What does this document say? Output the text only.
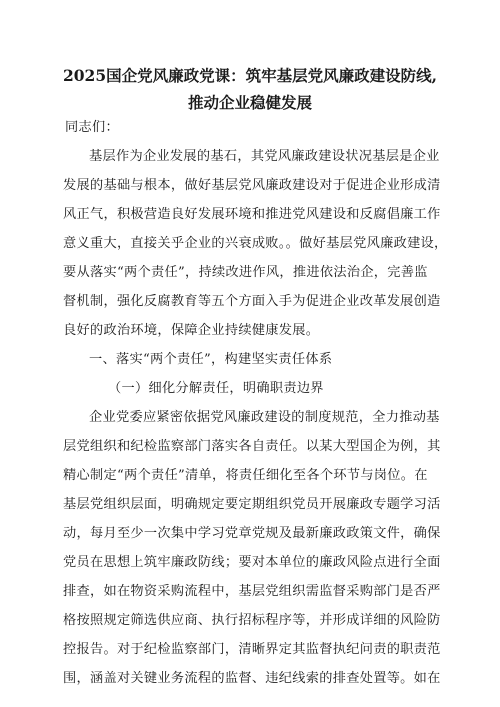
2025国企党风廉政党课：筑牢基层党风廉政建设防线,
推动企业稳健发展
同志们：
基层作为企业发展的基石，其党风廉政建设状况基层是企业
发展的基础与根本，做好基层党风廉政建设对于促进企业形成清
风正气，积极营造良好发展环境和推进党风建设和反腐倡廉工作
意义重大，直接关乎企业的兴衰成败。。做好基层党风廉政建设，
要从落实“两个责任”，持续改进作风，推进依法治企，完善监
督机制，强化反腐教育等五个方面入手为促进企业改革发展创造
良好的政治环境，保障企业持续健康发展。
一、落实“两个责任”，构建坚实责任体系
（一）细化分解责任，明确职责边界
企业党委应紧密依据党风廉政建设的制度规范，全力推动基
层党组织和纪检监察部门落实各自责任。以某大型国企为例，其
精心制定“两个责任”清单，将责任细化至各个环节与岗位。在
基层党组织层面，明确规定要定期组织党员开展廉政专题学习活
动，每月至少一次集中学习党章党规及最新廉政政策文件，确保
党员在思想上筑牢廉政防线；要对本单位的廉政风险点进行全面
排查，如在物资采购流程中，基层党组织需监督采购部门是否严
格按照规定筛选供应商、执行招标程序等，并形成详细的风险防
控报告。对于纪检监察部门，清晰界定其监督执纪问责的职责范
围，涵盖对关键业务流程的监督、违纪线索的排查处置等。如在
